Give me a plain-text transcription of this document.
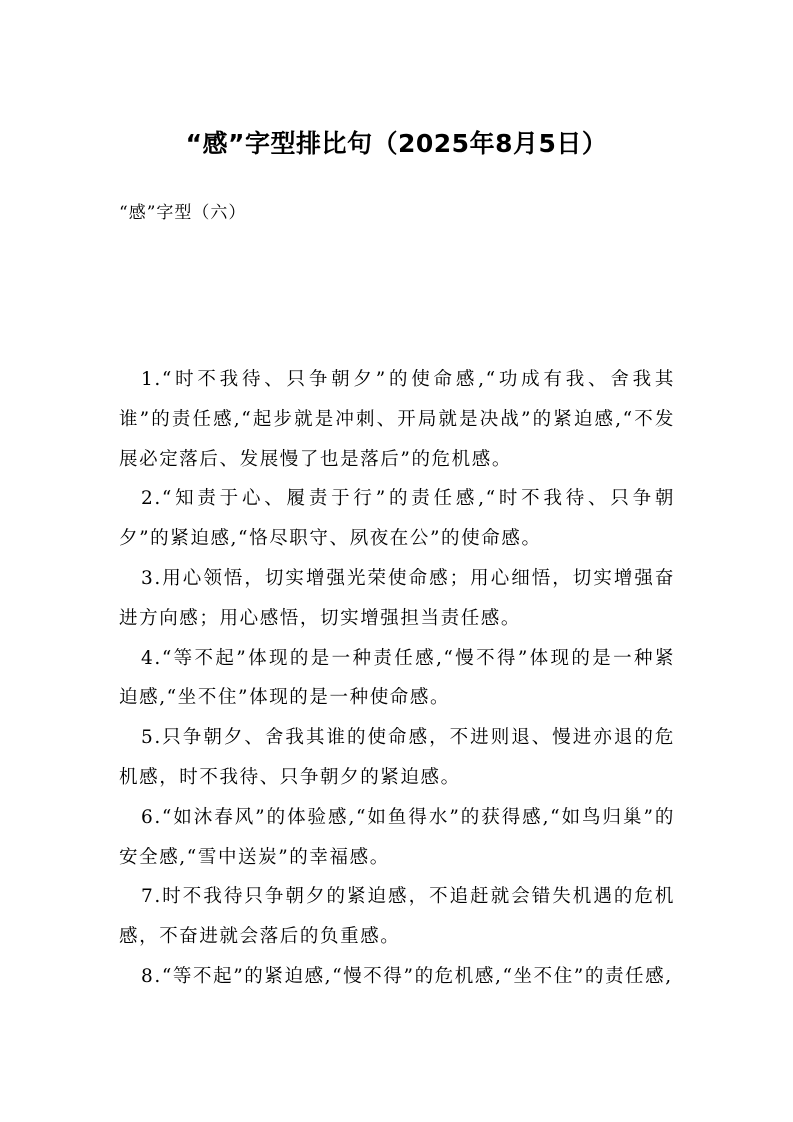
“感”字型排比句（2025年8月5日）

“感”字型（六）

1.“时不我待、只争朝夕”的使命感,“功成有我、舍我其谁”的责任感,“起步就是冲刺、开局就是决战”的紧迫感,“不发展必定落后、发展慢了也是落后”的危机感。

2.“知责于心、履责于行”的责任感,“时不我待、只争朝夕”的紧迫感,“恪尽职守、夙夜在公”的使命感。

3.用心领悟，切实增强光荣使命感；用心细悟，切实增强奋进方向感；用心感悟，切实增强担当责任感。

4.“等不起”体现的是一种责任感,“慢不得”体现的是一种紧迫感,“坐不住”体现的是一种使命感。

5.只争朝夕、舍我其谁的使命感，不进则退、慢进亦退的危机感，时不我待、只争朝夕的紧迫感。

6.“如沐春风”的体验感,“如鱼得水”的获得感,“如鸟归巢”的安全感,“雪中送炭”的幸福感。

7.时不我待只争朝夕的紧迫感，不追赶就会错失机遇的危机感，不奋进就会落后的负重感。

8.“等不起”的紧迫感,“慢不得”的危机感,“坐不住”的责任感,
